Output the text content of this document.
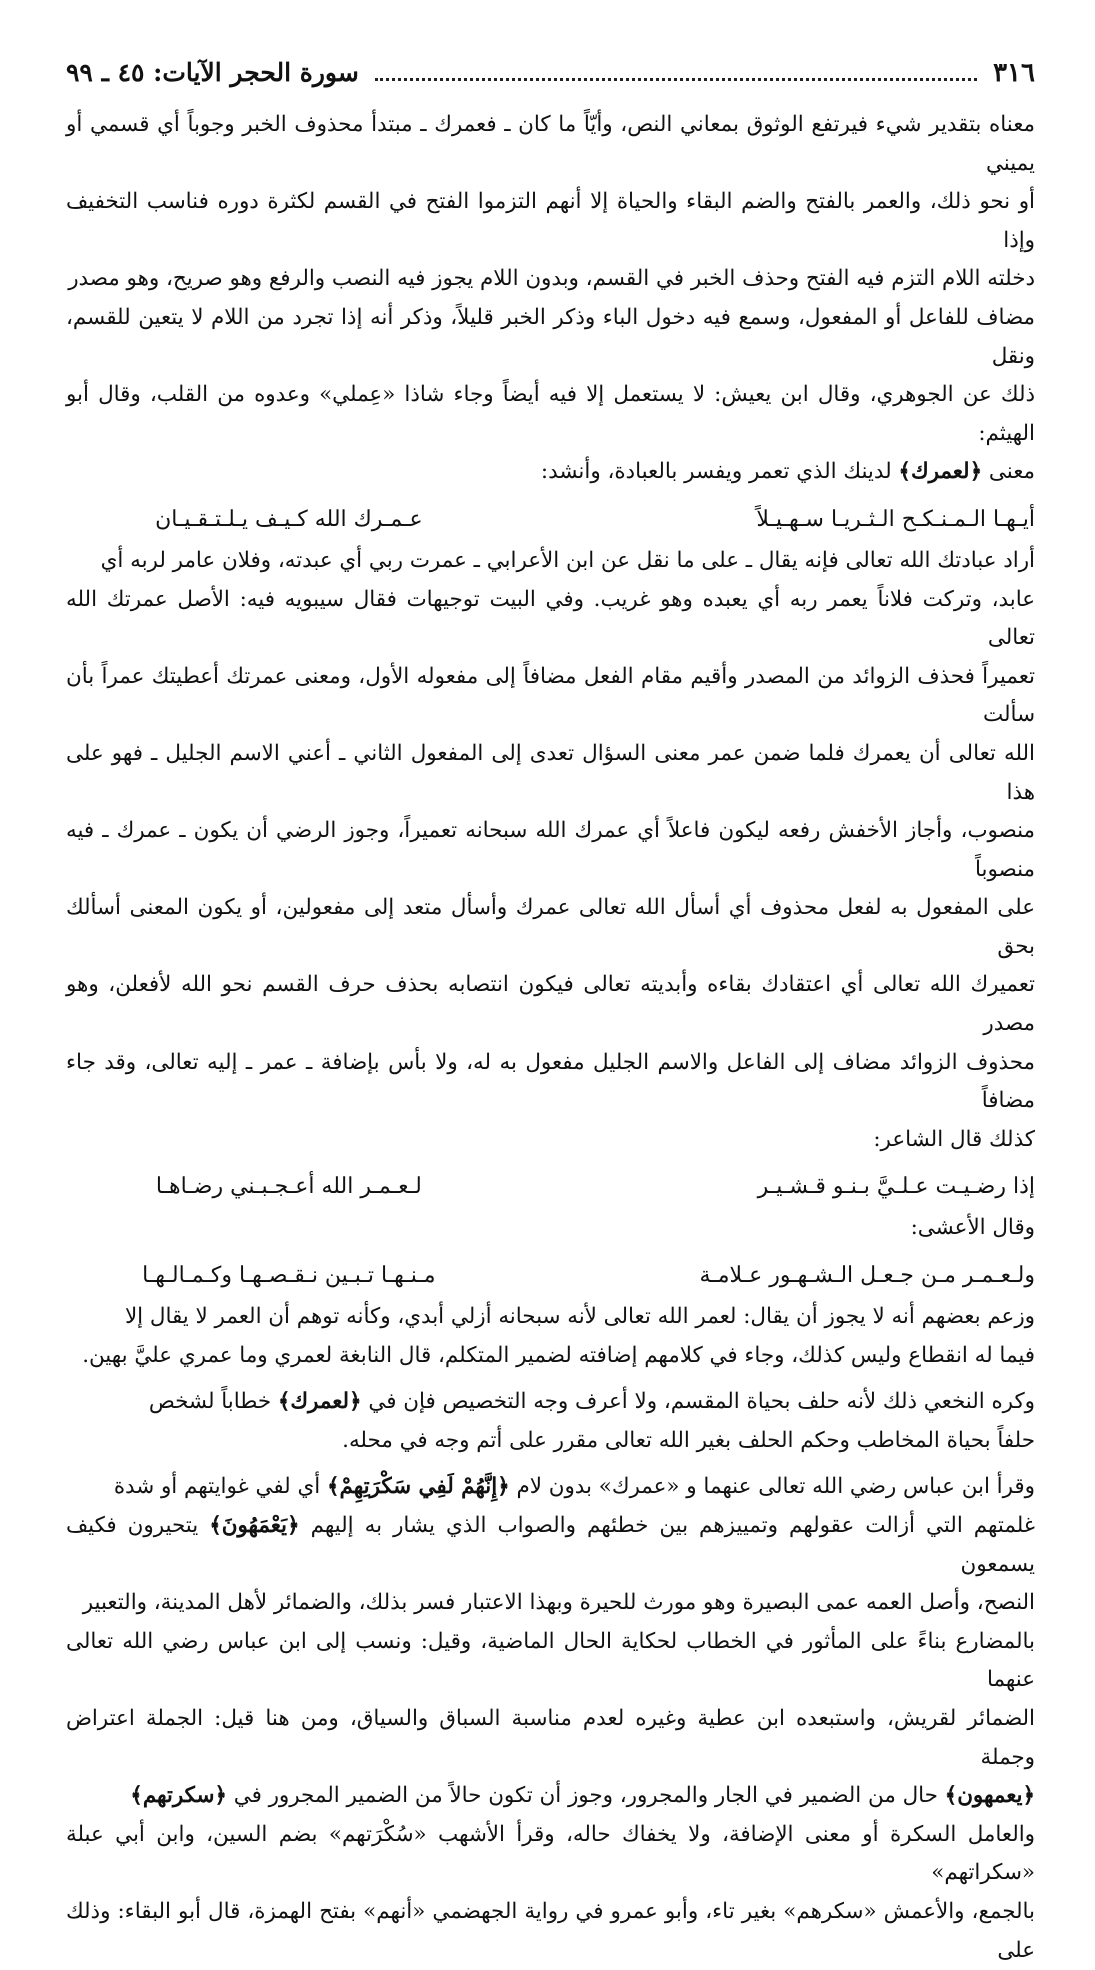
٣١٦
سورة الحجر الآيات: ٤٥ ـ ٩٩

معناه بتقدير شيء فيرتفع الوثوق بمعاني النص، وأيّاً ما كان ـ فعمرك ـ مبتدأ محذوف الخبر وجوباً أي قسمي أو يميني

أو نحو ذلك، والعمر بالفتح والضم البقاء والحياة إلا أنهم التزموا الفتح في القسم لكثرة دوره فناسب التخفيف وإذا

دخلته اللام التزم فيه الفتح وحذف الخبر في القسم، وبدون اللام يجوز فيه النصب والرفع وهو صريح، وهو مصدر

مضاف للفاعل أو المفعول، وسمع فيه دخول الباء وذكر الخبر قليلاً، وذكر أنه إذا تجرد من اللام لا يتعين للقسم، ونقل

ذلك عن الجوهري، وقال ابن يعيش: لا يستعمل إلا فيه أيضاً وجاء شاذا «عِملي» وعدوه من القلب، وقال أبو الهيثم:

معنى ﴿لعمرك﴾ لدينك الذي تعمر ويفسر بالعبادة، وأنشد:

أيـهـا الـمـنـكـح الـثـريـا سـهـيـلاً
عـمـرك الله كـيـف يـلـتـقـيـان

أراد عبادتك الله تعالى فإنه يقال ـ على ما نقل عن ابن الأعرابي ـ عمرت ربي أي عبدته، وفلان عامر لربه أي

عابد، وتركت فلاناً يعمر ربه أي يعبده وهو غريب. وفي البيت توجيهات فقال سيبويه فيه: الأصل عمرتك الله تعالى

تعميراً فحذف الزوائد من المصدر وأقيم مقام الفعل مضافاً إلى مفعوله الأول، ومعنى عمرتك أعطيتك عمراً بأن سألت

الله تعالى أن يعمرك فلما ضمن عمر معنى السؤال تعدى إلى المفعول الثاني ـ أعني الاسم الجليل ـ فهو على هذا

منصوب، وأجاز الأخفش رفعه ليكون فاعلاً أي عمرك الله سبحانه تعميراً، وجوز الرضي أن يكون ـ عمرك ـ فيه منصوباً

على المفعول به لفعل محذوف أي أسأل الله تعالى عمرك وأسأل متعد إلى مفعولين، أو يكون المعنى أسألك بحق

تعميرك الله تعالى أي اعتقادك بقاءه وأبديته تعالى فيكون انتصابه بحذف حرف القسم نحو الله لأفعلن، وهو مصدر

محذوف الزوائد مضاف إلى الفاعل والاسم الجليل مفعول به له، ولا بأس بإضافة ـ عمر ـ إليه تعالى، وقد جاء مضافاً

كذلك قال الشاعر:

إذا رضـيـت عـلـيَّ بـنـو قـشـيـر
لـعـمـر الله أعـجـبـني رضـاهـا

وقال الأعشى:

ولـعـمـر مـن جـعـل الـشـهـور عـلامـة
مـنـهـا تـبـين نـقـصـهـا وكـمـالـهـا

وزعم بعضهم أنه لا يجوز أن يقال: لعمر الله تعالى لأنه سبحانه أزلي أبدي، وكأنه توهم أن العمر لا يقال إلا

فيما له انقطاع وليس كذلك، وجاء في كلامهم إضافته لضمير المتكلم، قال النابغة لعمري وما عمري عليَّ بهين.

وكره النخعي ذلك لأنه حلف بحياة المقسم، ولا أعرف وجه التخصيص فإن في ﴿لعمرك﴾ خطاباً لشخص

حلفاً بحياة المخاطب وحكم الحلف بغير الله تعالى مقرر على أتم وجه في محله.

وقرأ ابن عباس رضي الله تعالى عنهما و «عمرك» بدون لام ﴿إِنَّهُمْ لَفِي سَكْرَتِهِمْ﴾ أي لفي غوايتهم أو شدة

غلمتهم التي أزالت عقولهم وتمييزهم بين خطئهم والصواب الذي يشار به إليهم ﴿يَعْمَهُونَ﴾ يتحيرون فكيف يسمعون

النصح، وأصل العمه عمى البصيرة وهو مورث للحيرة وبهذا الاعتبار فسر بذلك، والضمائر لأهل المدينة، والتعبير

بالمضارع بناءً على المأثور في الخطاب لحكاية الحال الماضية، وقيل: ونسب إلى ابن عباس رضي الله تعالى عنهما

الضمائر لقريش، واستبعده ابن عطية وغيره لعدم مناسبة السباق والسياق، ومن هنا قيل: الجملة اعتراض وجملة

﴿يعمهون﴾ حال من الضمير في الجار والمجرور، وجوز أن تكون حالاً من الضمير المجرور في ﴿سكرتهم﴾

والعامل السكرة أو معنى الإضافة، ولا يخفاك حاله، وقرأ الأشهب «سُكْرَتهم» بضم السين، وابن أبي عبلة «سكراتهم»

بالجمع، والأعمش «سكرهم» بغير تاء، وأبو عمرو في رواية الجهضمي «أنهم» بفتح الهمزة، قال أبو البقاء: وذلك على
